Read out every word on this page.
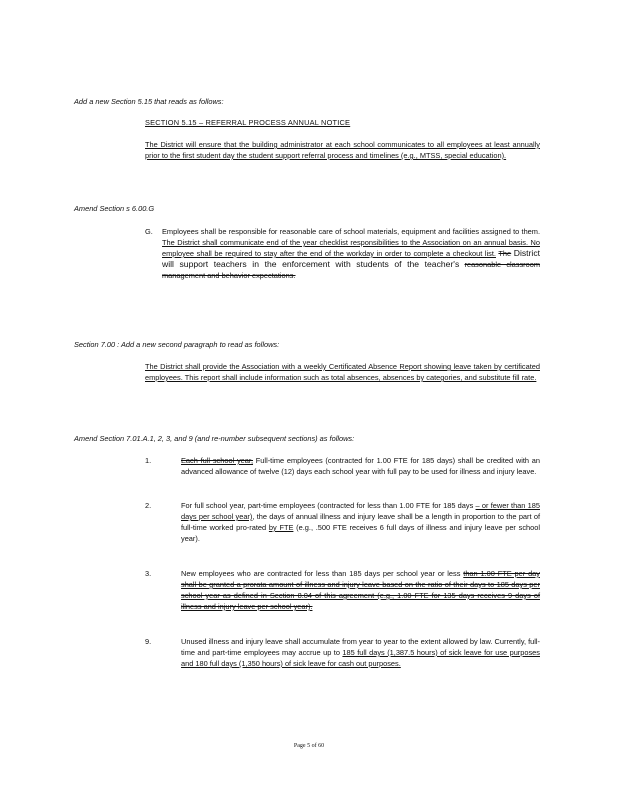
Add a new Section 5.15 that reads as follows:
SECTION 5.15 – REFERRAL PROCESS ANNUAL NOTICE
The District will ensure that the building administrator at each school communicates to all employees at least annually prior to the first student day the student support referral process and timelines (e.g., MTSS, special education).
Amend Section s 6.00.G
G. Employees shall be responsible for reasonable care of school materials, equipment and facilities assigned to them. The District shall communicate end of the year checklist responsibilities to the Association on an annual basis. No employee shall be required to stay after the end of the workday in order to complete a checkout list. The District will support teachers in the enforcement with students of the teacher's reasonable classroom management and behavior expectations.
Section 7.00 : Add a new second paragraph to read as follows:
The District shall provide the Association with a weekly Certificated Absence Report showing leave taken by certificated employees. This report shall include information such as total absences, absences by categories, and substitute fill rate.
Amend Section 7.01.A.1, 2, 3, and 9 (and re-number subsequent sections) as follows:
1.	Each full school year, Full-time employees (contracted for 1.00 FTE for 185 days) shall be credited with an advanced allowance of twelve (12) days each school year with full pay to be used for illness and injury leave.
2.	For full school year, part-time employees (contracted for less than 1.00 FTE for 185 days – or fewer than 185 days per school year), the days of annual illness and injury leave shall be a length in proportion to the part of full-time worked pro-rated by FTE (e.g., .500 FTE receives 6 full days of illness and injury leave per school year).
3.	New employees who are contracted for less than 185 days per school year or less than 1.00 FTE per day shall be granted a prorata amount of illness and injury leave based on the ratio of their days to 185 days per school year as defined in Section 8.04 of this agreement (e.g., 1.00 FTE for 135 days receives 9 days of illness and injury leave per school year).
9.	Unused illness and injury leave shall accumulate from year to year to the extent allowed by law. Currently, full-time and part-time employees may accrue up to 185 full days (1,387.5 hours) of sick leave for use purposes and 180 full days (1,350 hours) of sick leave for cash out purposes.
Page 5 of 60
